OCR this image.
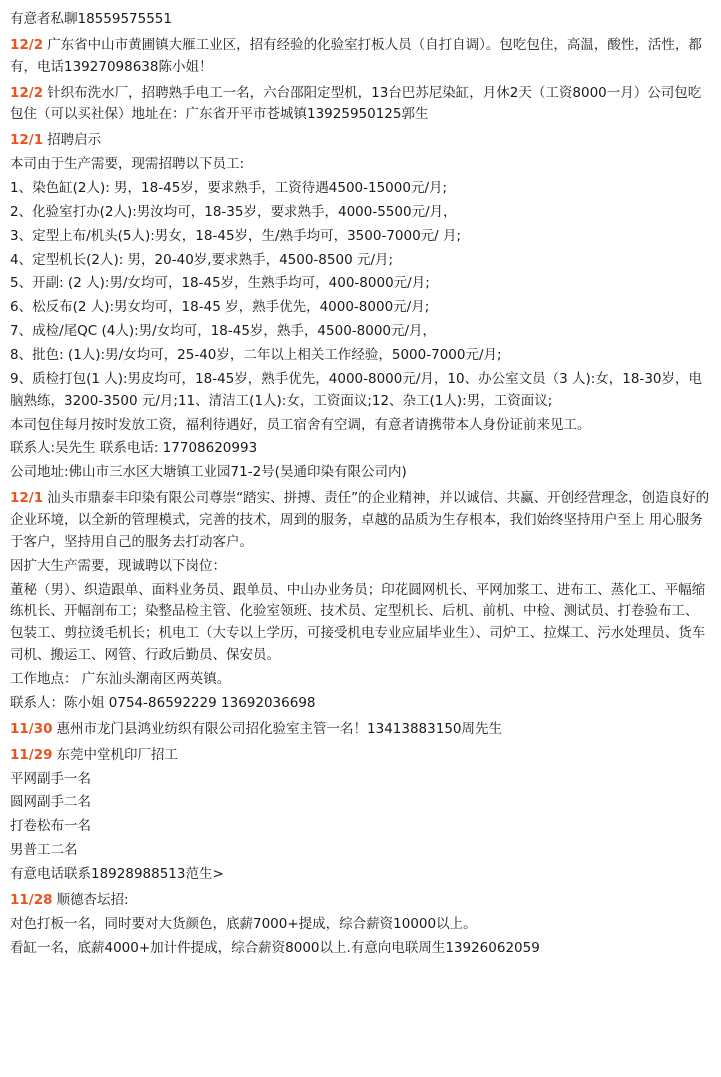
有意者私聊18559575551
12/2 广东省中山市黄圃镇大雁工业区，招有经验的化验室打板人员（自打自调）。包吃包住，高温，酸性，活性，都有，电话13927098638陈小姐！
12/2 针织布洗水厂，招聘熟手电工一名，六台邵阳定型机，13台巴苏尼染缸，月休2天（工资8000一月）公司包吃包住（可以买社保）地址在：广东省开平市苍城镇13925950125郭生
12/1 招聘启示
本司由于生产需要，现需招聘以下员工:
1、染色缸(2人): 男，18-45岁，要求熟手，工资待遇4500-15000元/月;
2、化验室打办(2人):男汝均可，18-35岁，要求熟手，4000-5500元/月，
3、定型上布/机头(5人):男女，18-45岁，生/熟手均可，3500-7000元/ 月;
4、定型机长(2人): 男，20-40岁,要求熟手，4500-8500 元/月;
5、开副: (2 人):男/女均可，18-45岁，生熟手均可，400-8000元/月;
6、松反布(2 人):男女均可，18-45 岁，熟手优先，4000-8000元/月;
7、成检/尾QC (4人):男/女均可，18-45岁，熟手，4500-8000元/月，
8、批色: (1人):男/女均可，25-40岁，二年以上相关工作经验，5000-7000元/月;
9、质检打包(1 人):男皮均可，18-45岁，熟手优先，4000-8000元/月，10、办公室文员（3 人):女，18-30岁，电脑熟练，3200-3500 元/月;11、清洁工(1人):女，工资面议;12、杂工(1人):男，工资面议;
本司包住每月按时发放工资，福利待遇好，员工宿舍有空调，有意者请携带本人身份证前来见工。
联系人:吴先生 联系电话: 17708620993
公司地址:佛山市三水区大塘镇工业园71-2号(昊通印染有限公司内)
12/1 汕头市鼎泰丰印染有限公司尊崇“踏实、拼搏、责任”的企业精神，并以诚信、共赢、开创经营理念，创造良好的企业环境，以全新的管理模式，完善的技术，周到的服务，卓越的品质为生存根本，我们始终坚持用户至上 用心服务于客户，坚持用自己的服务去打动客户。
因扩大生产需要，现诚聘以下岗位：
董秘（男）、织造跟单、面料业务员、跟单员、中山办业务员；印花圆网机长、平网加浆工、进布工、蒸化工、平幅缩练机长、开幅剖布工；染整品检主管、化验室领班、技术员、定型机长、后机、前机、中检、测试员、打卷验布工、包装工、剪拉烫毛机长；机电工（大专以上学历，可接受机电专业应届毕业生）、司炉工、拉煤工、污水处理员、货车司机、搬运工、网管、行政后勤员、保安员。
工作地点： 广东汕头潮南区两英镇。
联系人：陈小姐 0754-86592229 13692036698
11/30 惠州市龙门县鸿业纺织有限公司招化验室主管一名！13413883150周先生
11/29 东莞中堂机印厂招工
平网副手一名
圆网副手二名
打卷松布一名
男普工二名
有意电话联系18928988513范生>
11/28 顺德杏坛招:
对色打板一名，同时要对大货颜色，底薪7000+提成，综合薪资10000以上。
看缸一名，底薪4000+加计件提成，综合薪资8000以上.有意向电联周生13926062059
